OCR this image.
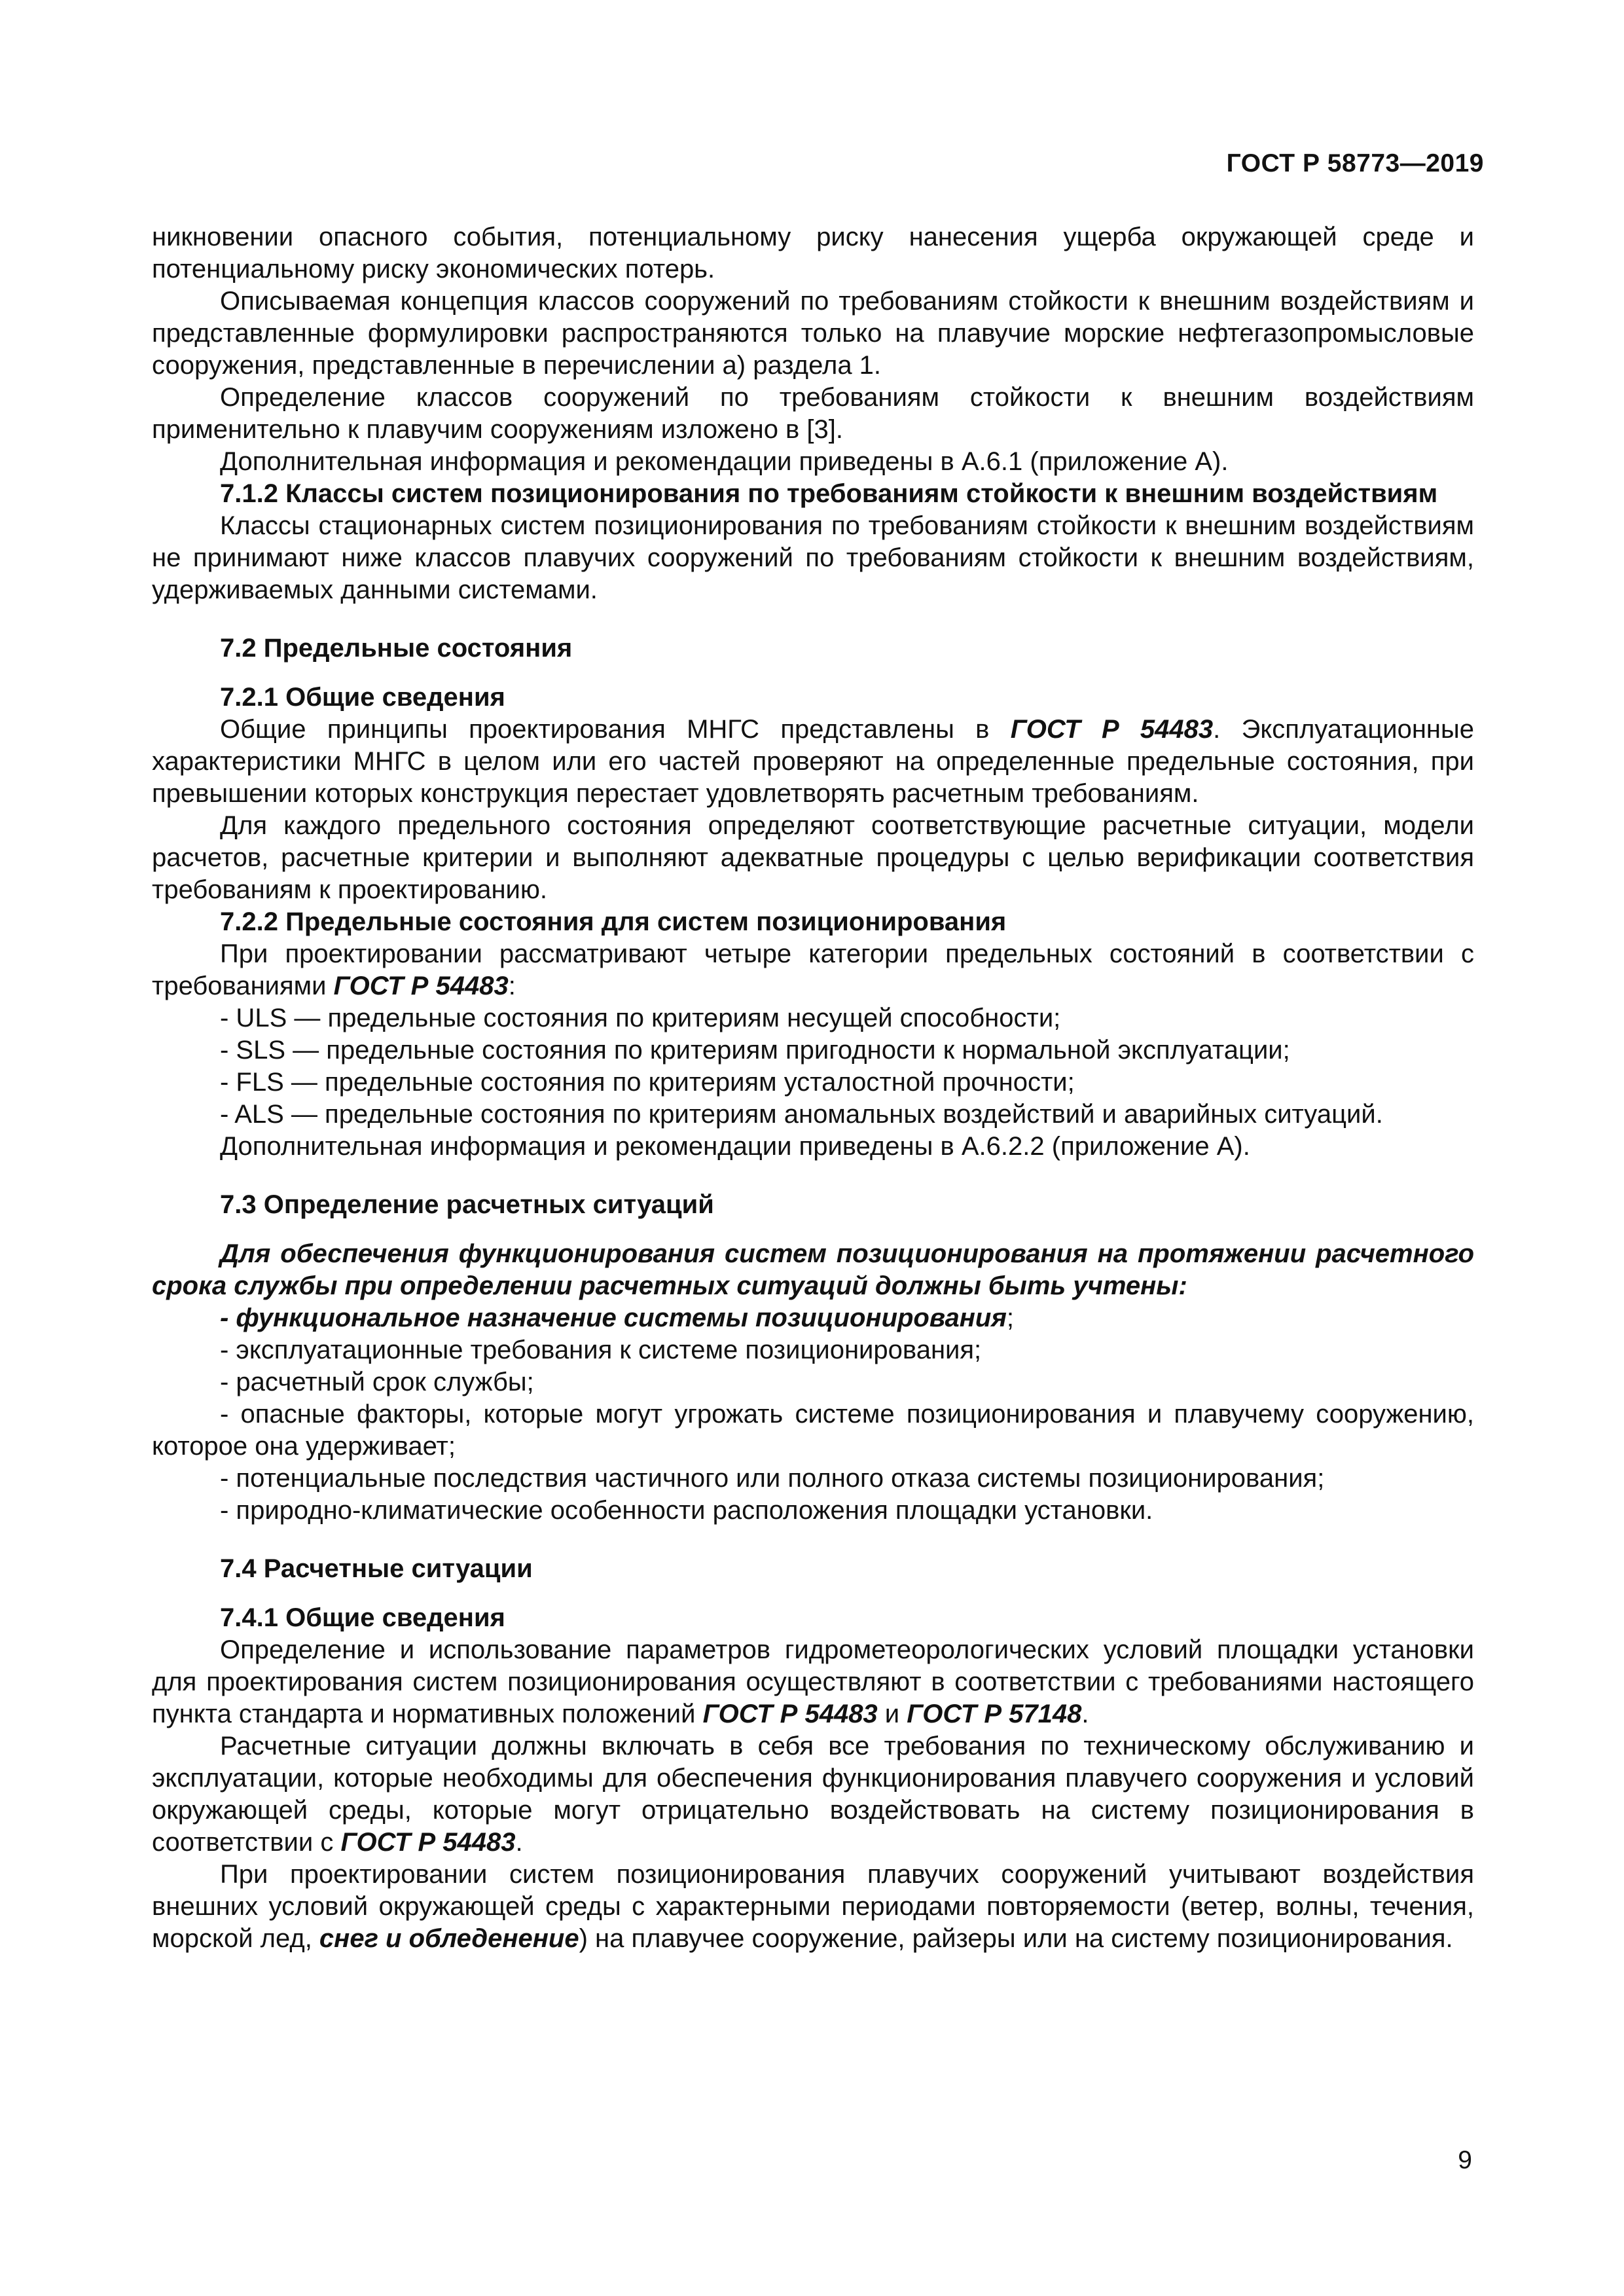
ГОСТ Р 58773—2019

никновении опасного события, потенциальному риску нанесения ущерба окружающей среде и потенциальному риску экономических потерь.

Описываемая концепция классов сооружений по требованиям стойкости к внешним воздействиям и представленные формулировки распространяются только на плавучие морские нефтегазопромысловые сооружения, представленные в перечислении а) раздела 1.

Определение классов сооружений по требованиям стойкости к внешним воздействиям применительно к плавучим сооружениям изложено в [3].

Дополнительная информация и рекомендации приведены в А.6.1 (приложение А).

7.1.2 Классы систем позиционирования по требованиям стойкости к внешним воздействиям

Классы стационарных систем позиционирования по требованиям стойкости к внешним воздействиям не принимают ниже классов плавучих сооружений по требованиям стойкости к внешним воздействиям, удерживаемых данными системами.

7.2 Предельные состояния

7.2.1 Общие сведения

Общие принципы проектирования МНГС представлены в ГОСТ Р 54483. Эксплуатационные характеристики МНГС в целом или его частей проверяют на определенные предельные состояния, при превышении которых конструкция перестает удовлетворять расчетным требованиям.

Для каждого предельного состояния определяют соответствующие расчетные ситуации, модели расчетов, расчетные критерии и выполняют адекватные процедуры с целью верификации соответствия требованиям к проектированию.

7.2.2 Предельные состояния для систем позиционирования

При проектировании рассматривают четыре категории предельных состояний в соответствии с требованиями ГОСТ Р 54483:

- ULS — предельные состояния по критериям несущей способности;

- SLS — предельные состояния по критериям пригодности к нормальной эксплуатации;

- FLS — предельные состояния по критериям усталостной прочности;

- ALS — предельные состояния по критериям аномальных воздействий и аварийных ситуаций.

Дополнительная информация и рекомендации приведены в А.6.2.2 (приложение А).

7.3 Определение расчетных ситуаций

Для обеспечения функционирования систем позиционирования на протяжении расчетного срока службы при определении расчетных ситуаций должны быть учтены:

- функциональное назначение системы позиционирования;

- эксплуатационные требования к системе позиционирования;

- расчетный срок службы;

- опасные факторы, которые могут угрожать системе позиционирования и плавучему сооружению, которое она удерживает;

- потенциальные последствия частичного или полного отказа системы позиционирования;

- природно-климатические особенности расположения площадки установки.

7.4 Расчетные ситуации

7.4.1 Общие сведения

Определение и использование параметров гидрометеорологических условий площадки установки для проектирования систем позиционирования осуществляют в соответствии с требованиями настоящего пункта стандарта и нормативных положений ГОСТ Р 54483 и ГОСТ Р 57148.

Расчетные ситуации должны включать в себя все требования по техническому обслуживанию и эксплуатации, которые необходимы для обеспечения функционирования плавучего сооружения и условий окружающей среды, которые могут отрицательно воздействовать на систему позиционирования в соответствии с ГОСТ Р 54483.

При проектировании систем позиционирования плавучих сооружений учитывают воздействия внешних условий окружающей среды с характерными периодами повторяемости (ветер, волны, течения, морской лед, снег и обледенение) на плавучее сооружение, райзеры или на систему позиционирования.

9
